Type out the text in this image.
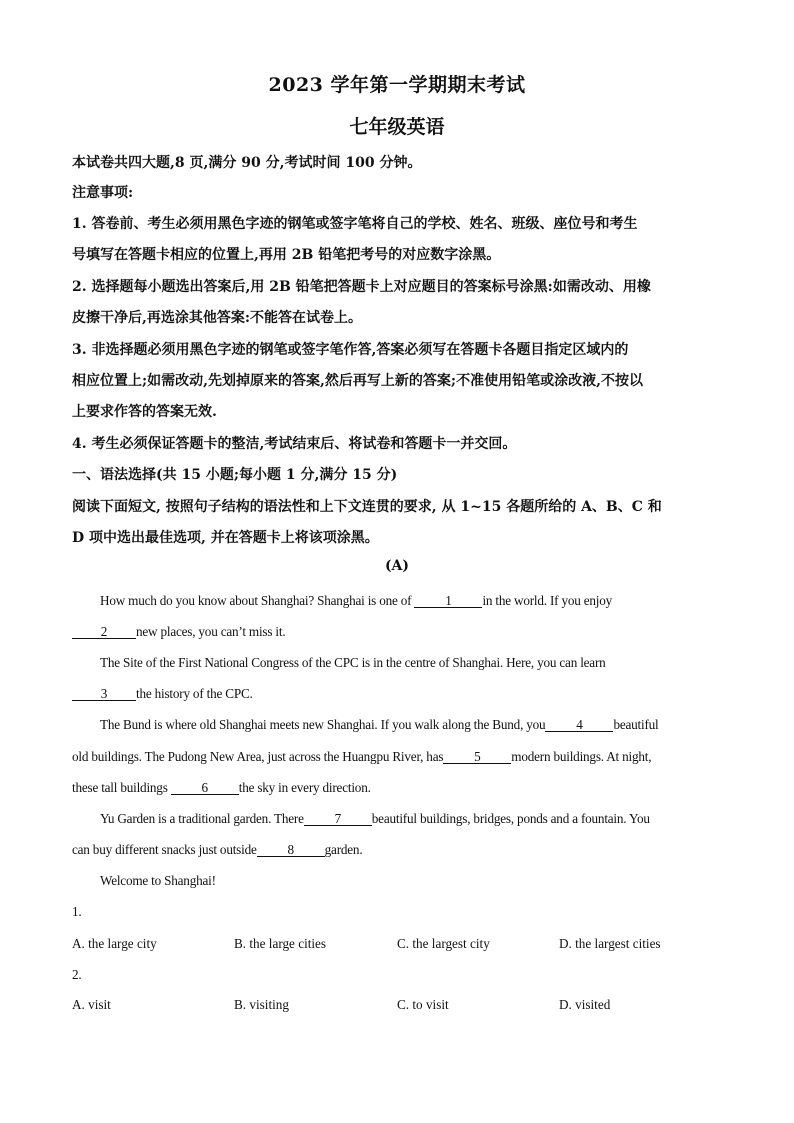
2023 学年第一学期期末考试
七年级英语
本试卷共四大题,8 页,满分 90 分,考试时间 100 分钟。
注意事项:
1. 答卷前、考生必须用黑色字迹的钢笔或签字笔将自己的学校、姓名、班级、座位号和考生
号填写在答题卡相应的位置上,再用 2B 铅笔把考号的对应数字涂黑。
2. 选择题每小题选出答案后,用 2B 铅笔把答题卡上对应题目的答案标号涂黑:如需改动、用橡
皮擦干净后,再选涂其他答案:不能答在试卷上。
3. 非选择题必须用黑色字迹的钢笔或签字笔作答,答案必须写在答题卡各题目指定区域内的
相应位置上;如需改动,先划掉原来的答案,然后再写上新的答案;不准使用铅笔或涂改液,不按以
上要求作答的答案无效.
4. 考生必须保证答题卡的整洁,考试结束后、将试卷和答题卡一并交回。
一、语法选择(共 15 小题;每小题 1 分,满分 15 分)
阅读下面短文, 按照句子结构的语法性和上下文连贯的要求, 从 1~15 各题所给的 A、B、C 和
D 项中选出最佳选项, 并在答题卡上将该项涂黑。
(A)
How much do you know about Shanghai? Shanghai is one of	1 in the world. If you enjoy
2 new places, you can’t miss it.
The Site of the First National Congress of the CPC is in the centre of Shanghai. Here, you can learn
3 the history of the CPC.
The Bund is where old Shanghai meets new Shanghai. If you walk along the Bund, you 4 beautiful
old buildings. The Pudong New Area, just across the Huangpu River, has 5 modern buildings. At night,
these tall buildings	6 the sky in every direction.
Yu Garden is a traditional garden. There 7 beautiful buildings, bridges, ponds and a fountain. You
can buy different snacks just outside 8 garden.
Welcome to Shanghai!
1.
A. the large city	B. the large cities	C. the largest city	D. the largest cities
2.
A. visit	B. visiting	C. to visit	D. visited
